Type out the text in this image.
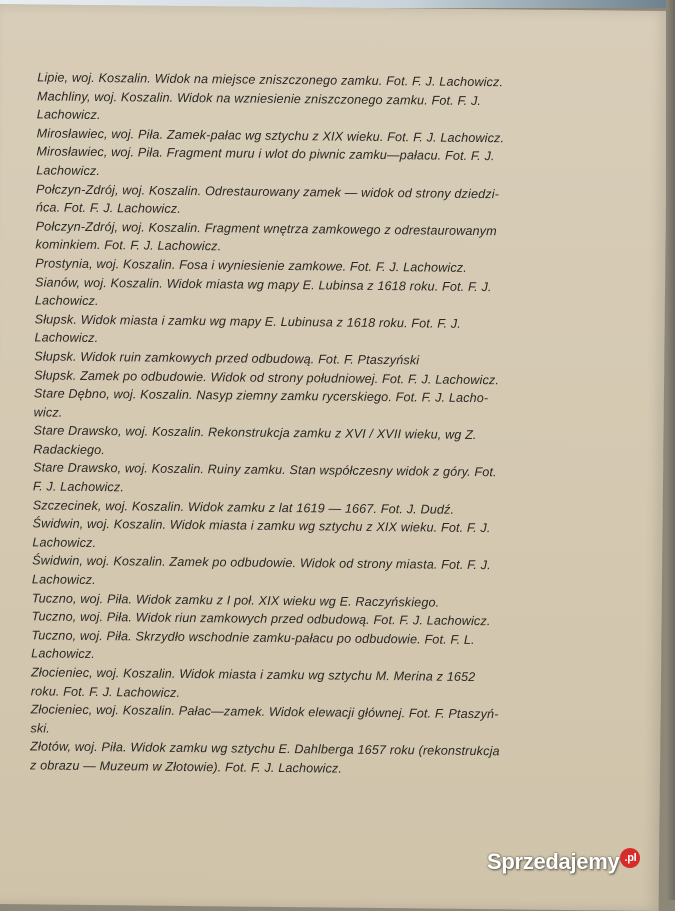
Lipie, woj. Koszalin. Widok na miejsce zniszczonego zamku. Fot. F. J. Lachowicz.
Machliny, woj. Koszalin. Widok na wzniesienie zniszczonego zamku. Fot. F. J.
Lachowicz.
Mirosławiec, woj. Piła. Zamek-pałac wg sztychu z XIX wieku. Fot. F. J. Lachowicz.
Mirosławiec, woj. Piła. Fragment muru i wlot do piwnic zamku—pałacu. Fot. F. J.
Lachowicz.
Połczyn-Zdrój, woj. Koszalin. Odrestaurowany zamek — widok od strony dziedzi-
ńca. Fot. F. J. Lachowicz.
Połczyn-Zdrój, woj. Koszalin. Fragment wnętrza zamkowego z odrestaurowanym
kominkiem. Fot. F. J. Lachowicz.
Prostynia, woj. Koszalin. Fosa i wyniesienie zamkowe. Fot. F. J. Lachowicz.
Sianów, woj. Koszalin. Widok miasta wg mapy E. Lubinsa z 1618 roku. Fot. F. J.
Lachowicz.
Słupsk. Widok miasta i zamku wg mapy E. Lubinusa z 1618 roku. Fot. F. J.
Lachowicz.
Słupsk. Widok ruin zamkowych przed odbudową. Fot. F. Ptaszyński
Słupsk. Zamek po odbudowie. Widok od strony południowej. Fot. F. J. Lachowicz.
Stare Dębno, woj. Koszalin. Nasyp ziemny zamku rycerskiego. Fot. F. J. Lacho-
wicz.
Stare Drawsko, woj. Koszalin. Rekonstrukcja zamku z XVI / XVII wieku, wg Z.
Radackiego.
Stare Drawsko, woj. Koszalin. Ruiny zamku. Stan współczesny widok z góry. Fot.
F. J. Lachowicz.
Szczecinek, woj. Koszalin. Widok zamku z lat 1619 — 1667. Fot. J. Dudź.
Świdwin, woj. Koszalin. Widok miasta i zamku wg sztychu z XIX wieku. Fot. F. J.
Lachowicz.
Świdwin, woj. Koszalin. Zamek po odbudowie. Widok od strony miasta. Fot. F. J.
Lachowicz.
Tuczno, woj. Piła. Widok zamku z I poł. XIX wieku wg E. Raczyńskiego.
Tuczno, woj. Piła. Widok riun zamkowych przed odbudową. Fot. F. J. Lachowicz.
Tuczno, woj. Piła. Skrzydło wschodnie zamku-pałacu po odbudowie. Fot. F. L.
Lachowicz.
Złocieniec, woj. Koszalin. Widok miasta i zamku wg sztychu M. Merina z 1652
roku. Fot. F. J. Lachowicz.
Złocieniec, woj. Koszalin. Pałac—zamek. Widok elewacji głównej. Fot. F. Ptaszyń-
ski.
Złotów, woj. Piła. Widok zamku wg sztychu E. Dahlberga 1657 roku (rekonstrukcja
z obrazu — Muzeum w Złotowie). Fot. F. J. Lachowicz.
Sprzedajemy .pl
